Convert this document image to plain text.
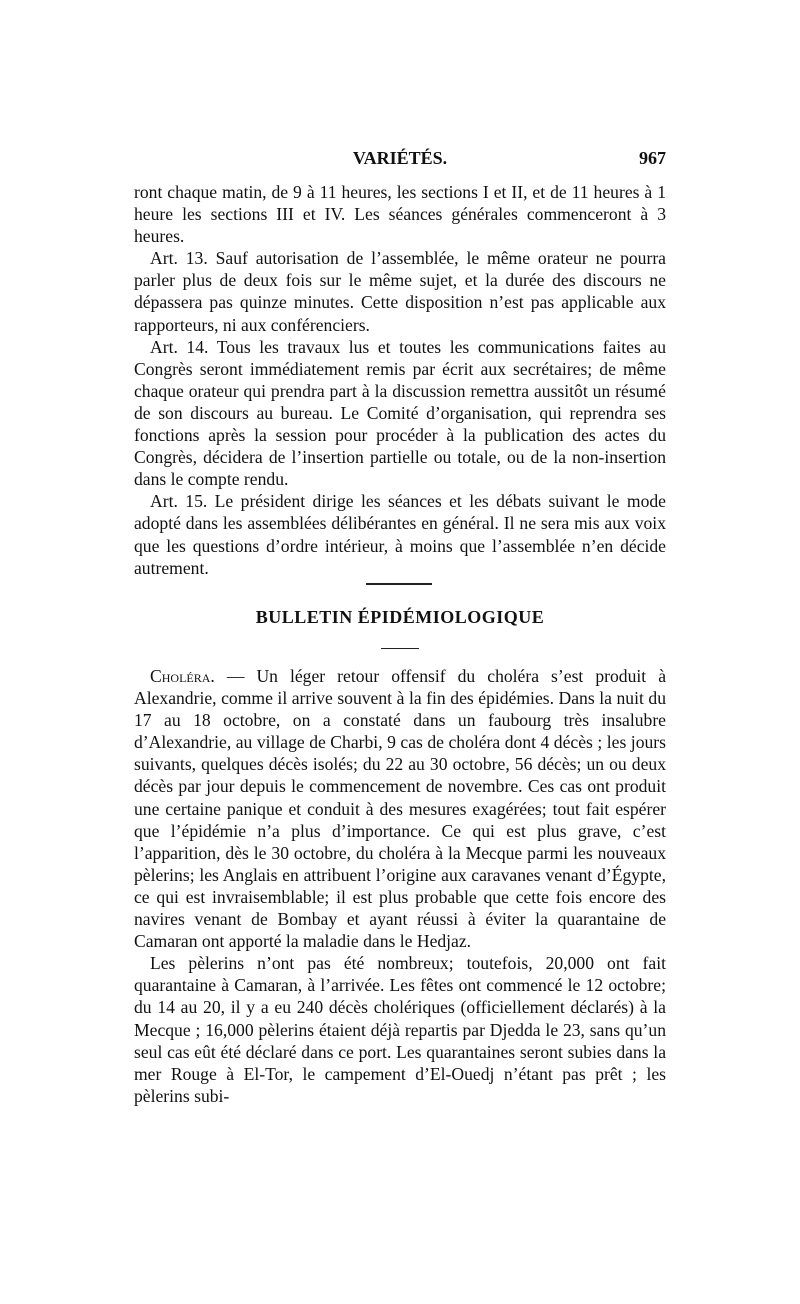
VARIÉTÉS.	967

ront chaque matin, de 9 à 11 heures, les sections I et II, et de 11 heures à 1 heure les sections III et IV. Les séances générales commenceront à 3 heures.

Art. 13. Sauf autorisation de l’assemblée, le même orateur ne pourra parler plus de deux fois sur le même sujet, et la durée des discours ne dépassera pas quinze minutes. Cette disposition n’est pas applicable aux rapporteurs, ni aux conférenciers.

Art. 14. Tous les travaux lus et toutes les communications faites au Congrès seront immédiatement remis par écrit aux secrétaires; de même chaque orateur qui prendra part à la discussion remettra aussitôt un résumé de son discours au bureau. Le Comité d’organisation, qui reprendra ses fonctions après la session pour procéder à la publication des actes du Congrès, décidera de l’insertion partielle ou totale, ou de la non-insertion dans le compte rendu.

Art. 15. Le président dirige les séances et les débats suivant le mode adopté dans les assemblées délibérantes en général. Il ne sera mis aux voix que les questions d’ordre intérieur, à moins que l’assemblée n’en décide autrement.

BULLETIN ÉPIDÉMIOLOGIQUE

Choléra. — Un léger retour offensif du choléra s’est produit à Alexandrie, comme il arrive souvent à la fin des épidémies. Dans la nuit du 17 au 18 octobre, on a constaté dans un faubourg très insalubre d’Alexandrie, au village de Charbi, 9 cas de choléra dont 4 décès ; les jours suivants, quelques décès isolés; du 22 au 30 octobre, 56 décès; un ou deux décès par jour depuis le commencement de novembre. Ces cas ont produit une certaine panique et conduit à des mesures exagérées; tout fait espérer que l’épidémie n’a plus d’importance. Ce qui est plus grave, c’est l’apparition, dès le 30 octobre, du choléra à la Mecque parmi les nouveaux pèlerins; les Anglais en attribuent l’origine aux caravanes venant d’Égypte, ce qui est invraisemblable; il est plus probable que cette fois encore des navires venant de Bombay et ayant réussi à éviter la quarantaine de Camaran ont apporté la maladie dans le Hedjaz.

Les pèlerins n’ont pas été nombreux; toutefois, 20,000 ont fait quarantaine à Camaran, à l’arrivée. Les fêtes ont commencé le 12 octobre; du 14 au 20, il y a eu 240 décès cholériques (officiellement déclarés) à la Mecque ; 16,000 pèlerins étaient déjà repartis par Djedda le 23, sans qu’un seul cas eût été déclaré dans ce port. Les quarantaines seront subies dans la mer Rouge à El-Tor, le campement d’El-Ouedj n’étant pas prêt ; les pèlerins subi-
